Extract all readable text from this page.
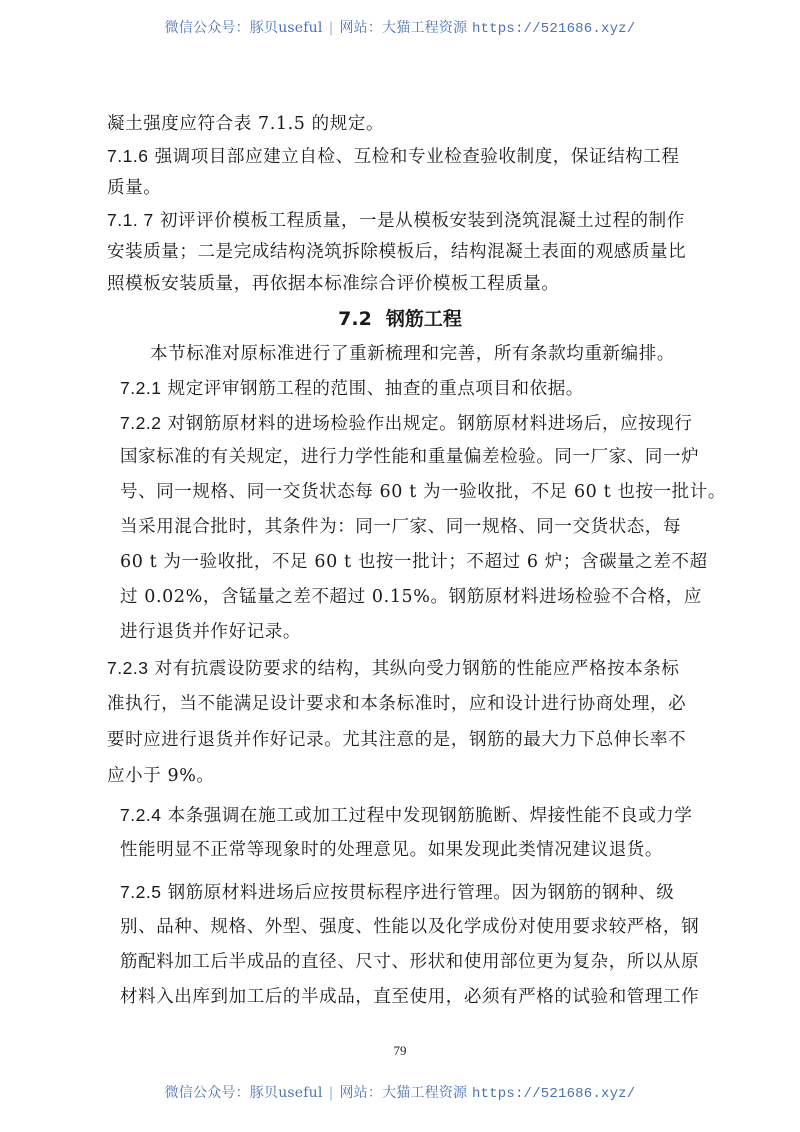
微信公众号：豚贝useful | 网站：大猫工程资源 https://521686.xyz/
凝土强度应符合表 7.1.5 的规定。
7.1.6 强调项目部应建立自检、互检和专业检查验收制度，保证结构工程
质量。
7.1. 7 初评评价模板工程质量，一是从模板安装到浇筑混凝土过程的制作
安装质量；二是完成结构浇筑拆除模板后，结构混凝土表面的观感质量比
照模板安装质量，再依据本标准综合评价模板工程质量。
7.2 钢筋工程
本节标准对原标准进行了重新梳理和完善，所有条款均重新编排。
7.2.1 规定评审钢筋工程的范围、抽查的重点项目和依据。
7.2.2 对钢筋原材料的进场检验作出规定。钢筋原材料进场后，应按现行
国家标准的有关规定，进行力学性能和重量偏差检验。同一厂家、同一炉
号、同一规格、同一交货状态每 60 t 为一验收批，不足 60 t 也按一批计。
当采用混合批时，其条件为：同一厂家、同一规格、同一交货状态，每
60 t 为一验收批，不足 60 t 也按一批计；不超过 6 炉；含碳量之差不超
过 0.02%，含锰量之差不超过 0.15%。钢筋原材料进场检验不合格，应
进行退货并作好记录。
7.2.3 对有抗震设防要求的结构，其纵向受力钢筋的性能应严格按本条标
准执行，当不能满足设计要求和本条标准时，应和设计进行协商处理，必
要时应进行退货并作好记录。尤其注意的是，钢筋的最大力下总伸长率不
应小于 9%。
7.2.4 本条强调在施工或加工过程中发现钢筋脆断、焊接性能不良或力学
性能明显不正常等现象时的处理意见。如果发现此类情况建议退货。
7.2.5 钢筋原材料进场后应按贯标程序进行管理。因为钢筋的钢种、级
别、品种、规格、外型、强度、性能以及化学成份对使用要求较严格，钢
筋配料加工后半成品的直径、尺寸、形状和使用部位更为复杂，所以从原
材料入出库到加工后的半成品，直至使用，必须有严格的试验和管理工作
79
微信公众号：豚贝useful | 网站：大猫工程资源 https://521686.xyz/
